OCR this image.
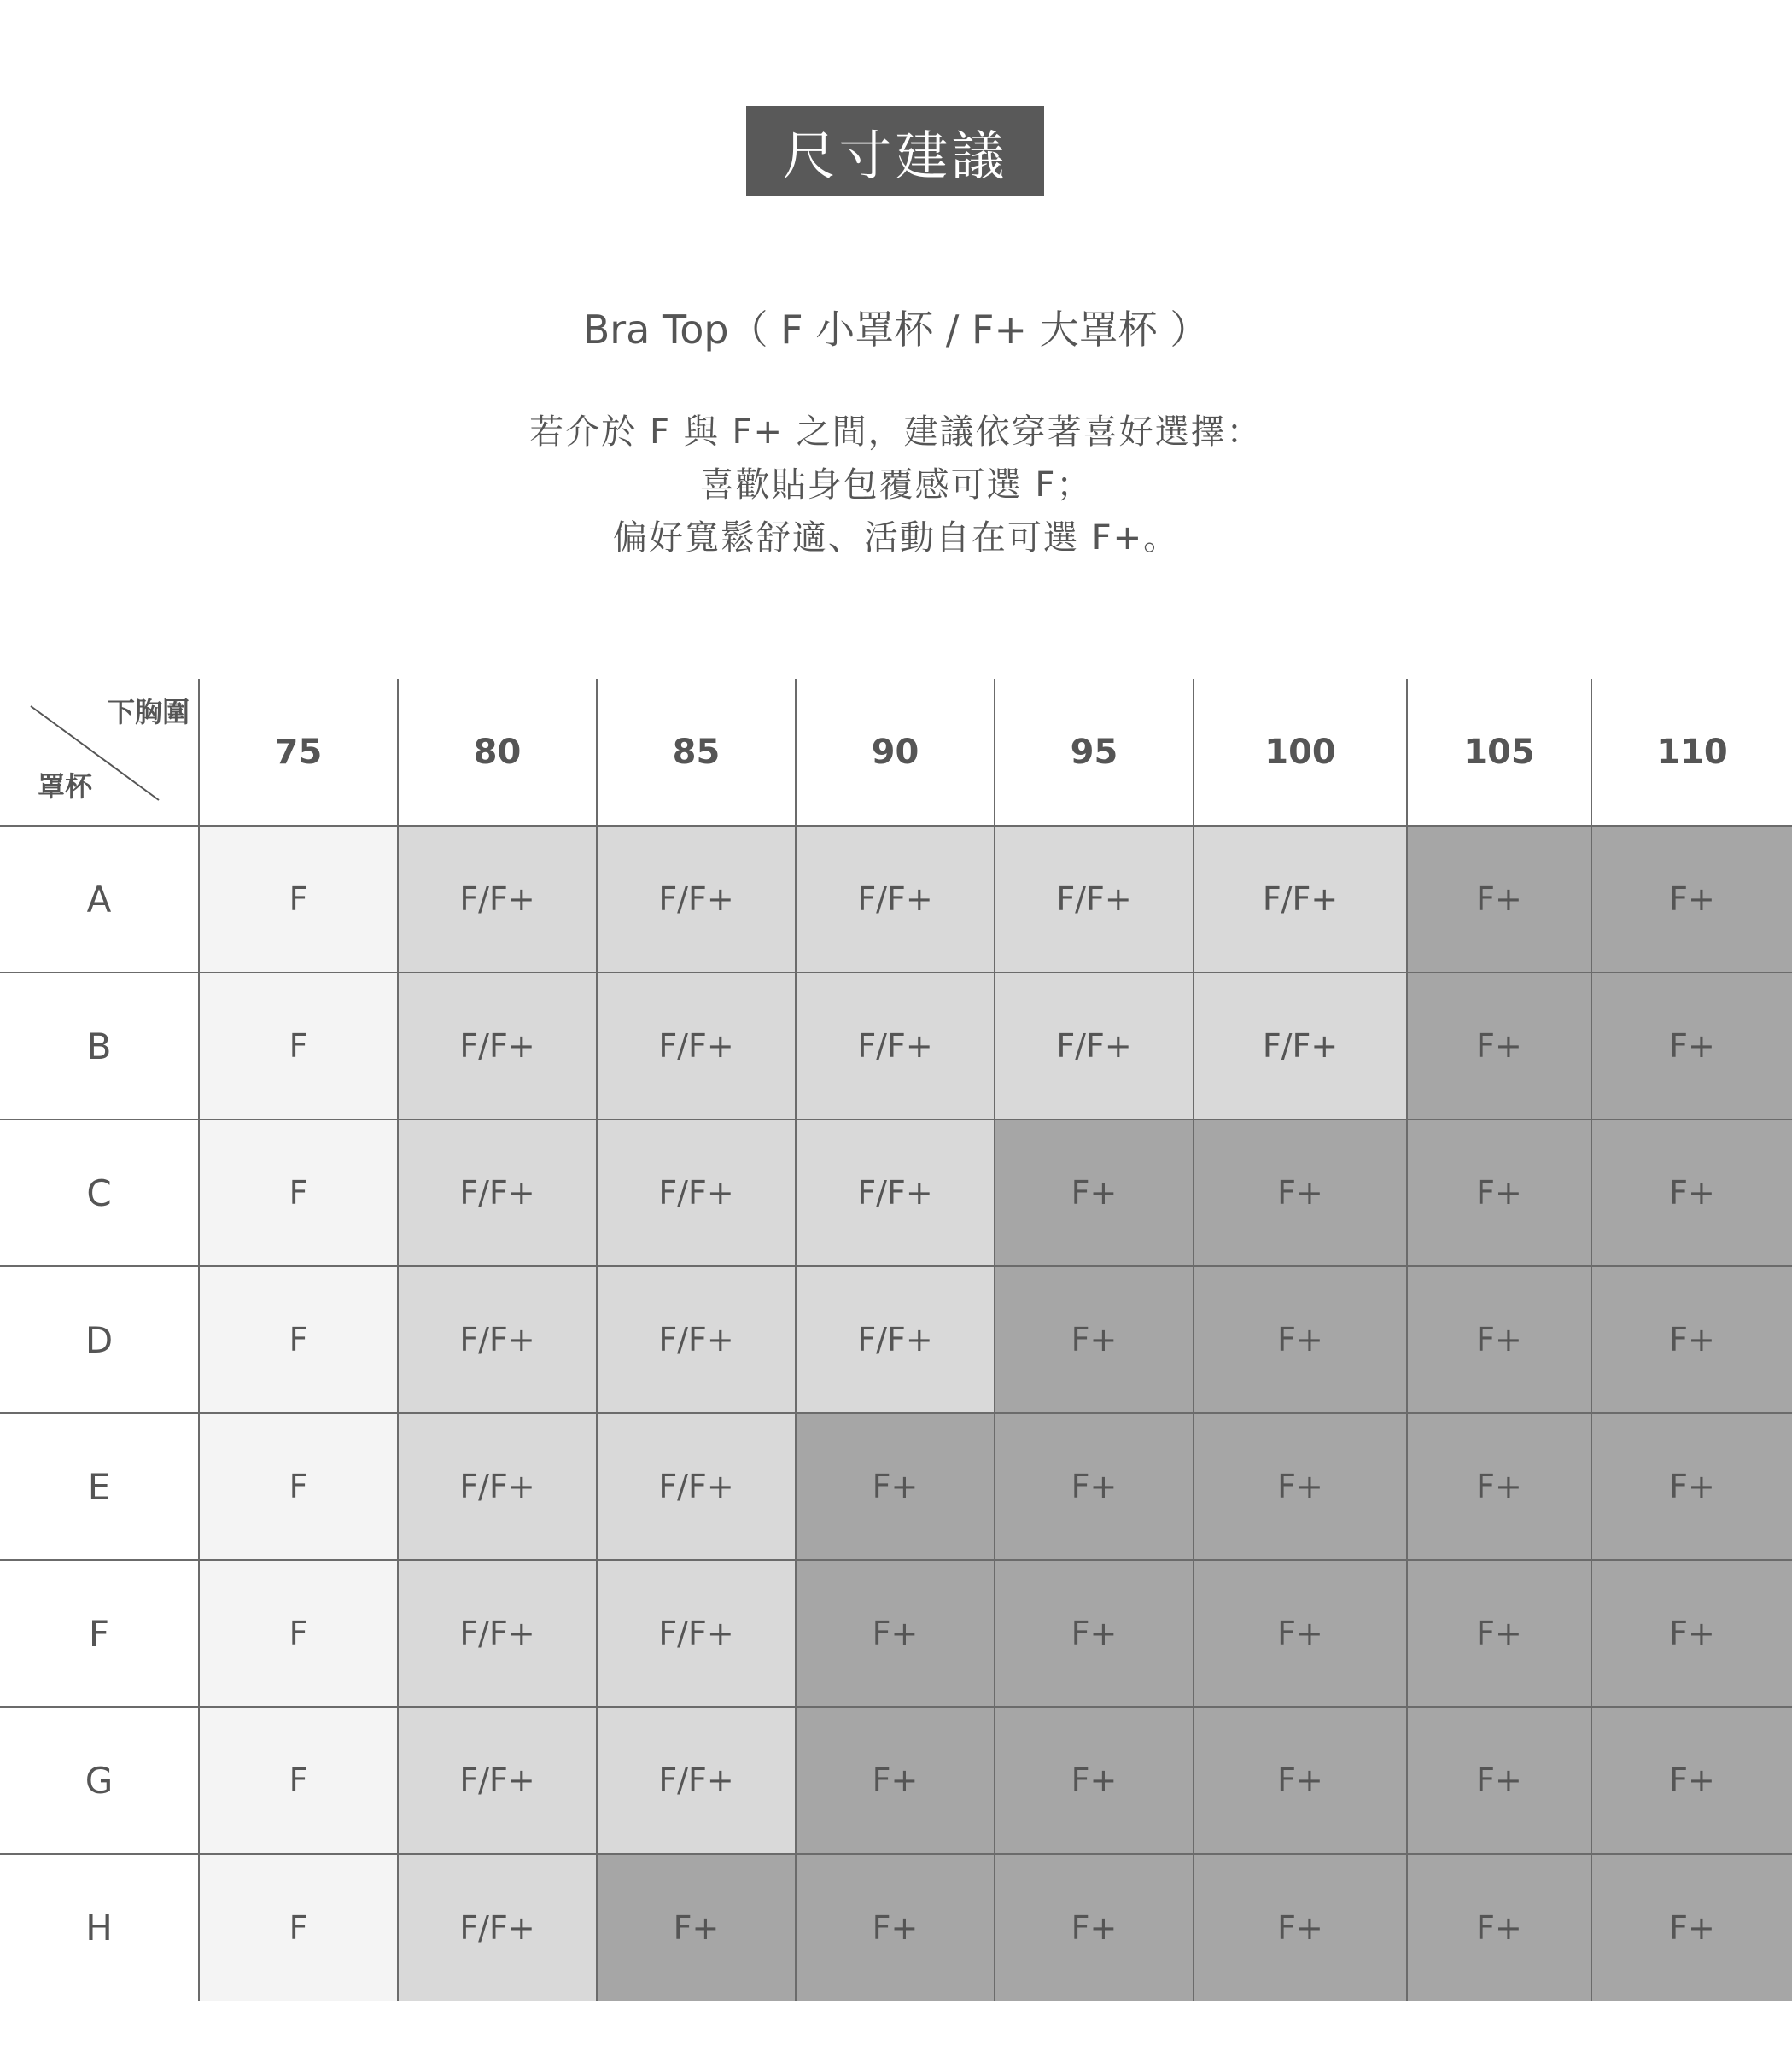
尺寸建議
Bra Top（ F 小罩杯 / F+ 大罩杯 ）
若介於 F 與 F+ 之間，建議依穿著喜好選擇：
喜歡貼身包覆感可選 F；
偏好寬鬆舒適、活動自在可選 F+。
下胸圍
罩杯	75	80	85	90	95	100	105	110
A	F	F/F+	F/F+	F/F+	F/F+	F/F+	F+	F+
B	F	F/F+	F/F+	F/F+	F/F+	F/F+	F+	F+
C	F	F/F+	F/F+	F/F+	F+	F+	F+	F+
D	F	F/F+	F/F+	F/F+	F+	F+	F+	F+
E	F	F/F+	F/F+	F+	F+	F+	F+	F+
F	F	F/F+	F/F+	F+	F+	F+	F+	F+
G	F	F/F+	F/F+	F+	F+	F+	F+	F+
H	F	F/F+	F+	F+	F+	F+	F+	F+
